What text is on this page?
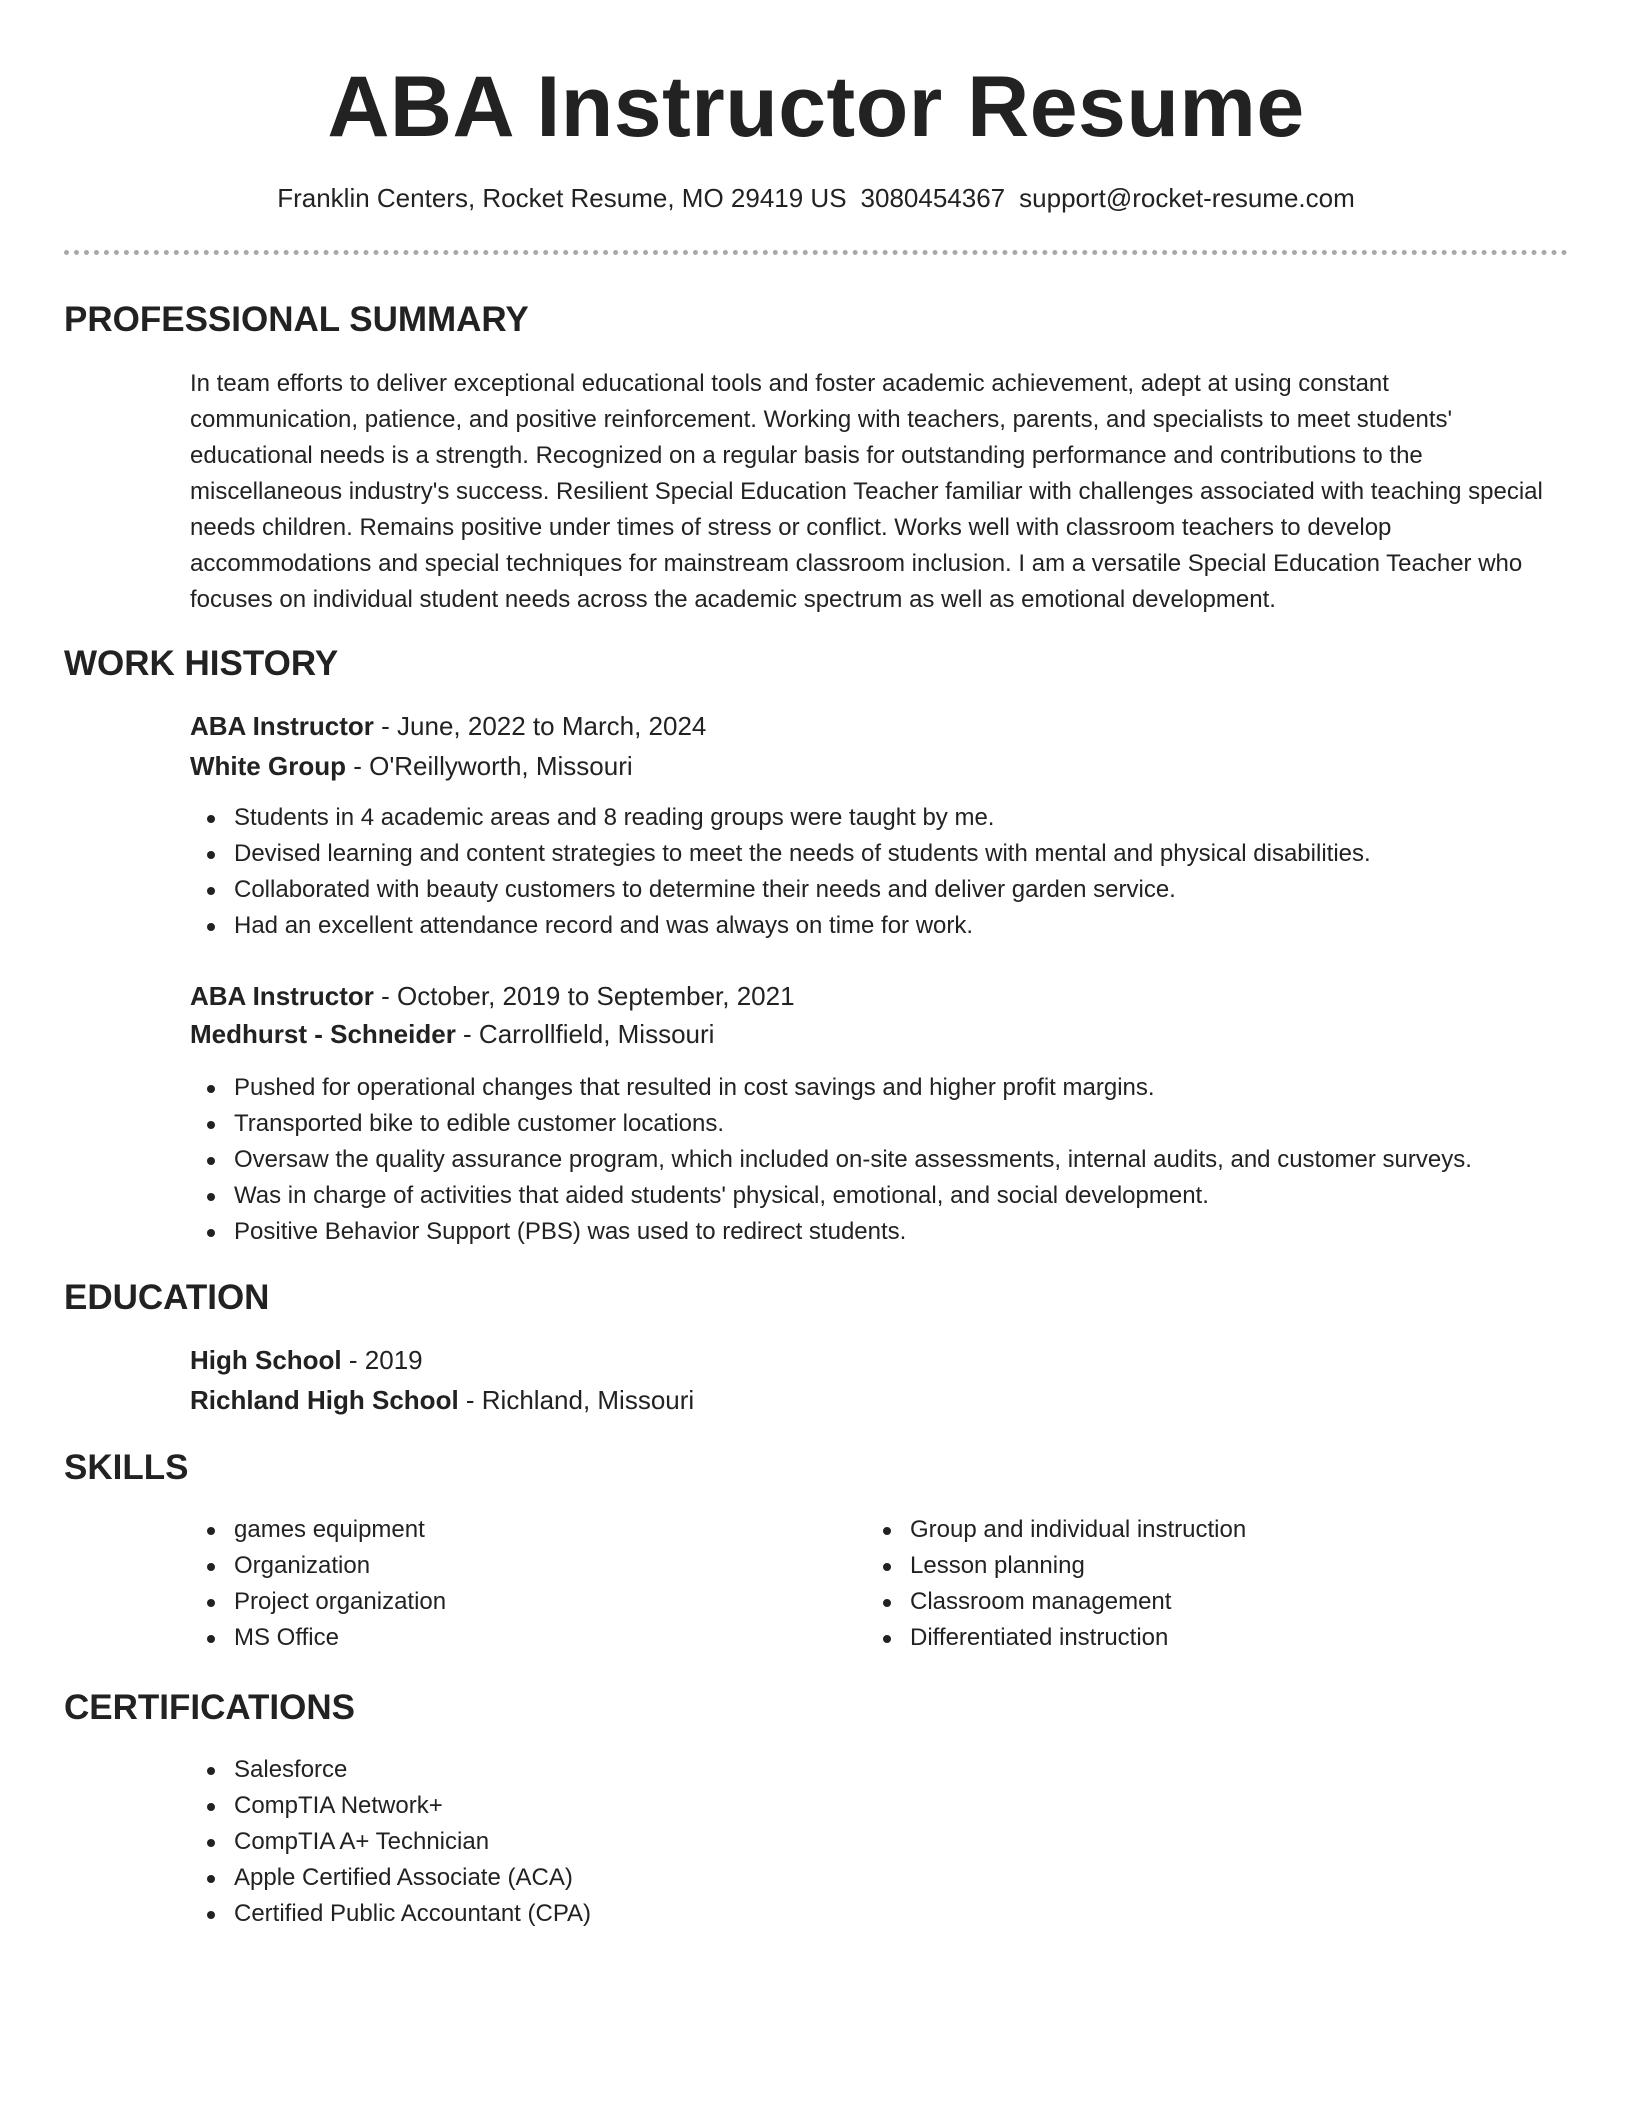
ABA Instructor Resume
Franklin Centers, Rocket Resume, MO 29419 US 3080454367 support@rocket-resume.com
PROFESSIONAL SUMMARY

In team efforts to deliver exceptional educational tools and foster academic achievement, adept at using constant communication, patience, and positive reinforcement. Working with teachers, parents, and specialists to meet students' educational needs is a strength. Recognized on a regular basis for outstanding performance and contributions to the miscellaneous industry's success. Resilient Special Education Teacher familiar with challenges associated with teaching special needs children. Remains positive under times of stress or conflict. Works well with classroom teachers to develop accommodations and special techniques for mainstream classroom inclusion. I am a versatile Special Education Teacher who focuses on individual student needs across the academic spectrum as well as emotional development.

WORK HISTORY
ABA Instructor - June, 2022 to March, 2024
White Group - O'Reillyworth, Missouri
Students in 4 academic areas and 8 reading groups were taught by me.
Devised learning and content strategies to meet the needs of students with mental and physical disabilities.
Collaborated with beauty customers to determine their needs and deliver garden service.
Had an excellent attendance record and was always on time for work.
ABA Instructor - October, 2019 to September, 2021
Medhurst - Schneider - Carrollfield, Missouri
Pushed for operational changes that resulted in cost savings and higher profit margins.
Transported bike to edible customer locations.
Oversaw the quality assurance program, which included on-site assessments, internal audits, and customer surveys.
Was in charge of activities that aided students' physical, emotional, and social development.
Positive Behavior Support (PBS) was used to redirect students.
EDUCATION
High School - 2019
Richland High School - Richland, Missouri
SKILLS
games equipment
Organization
Project organization
MS Office
Group and individual instruction
Lesson planning
Classroom management
Differentiated instruction
CERTIFICATIONS
Salesforce
CompTIA Network+
CompTIA A+ Technician
Apple Certified Associate (ACA)
Certified Public Accountant (CPA)
